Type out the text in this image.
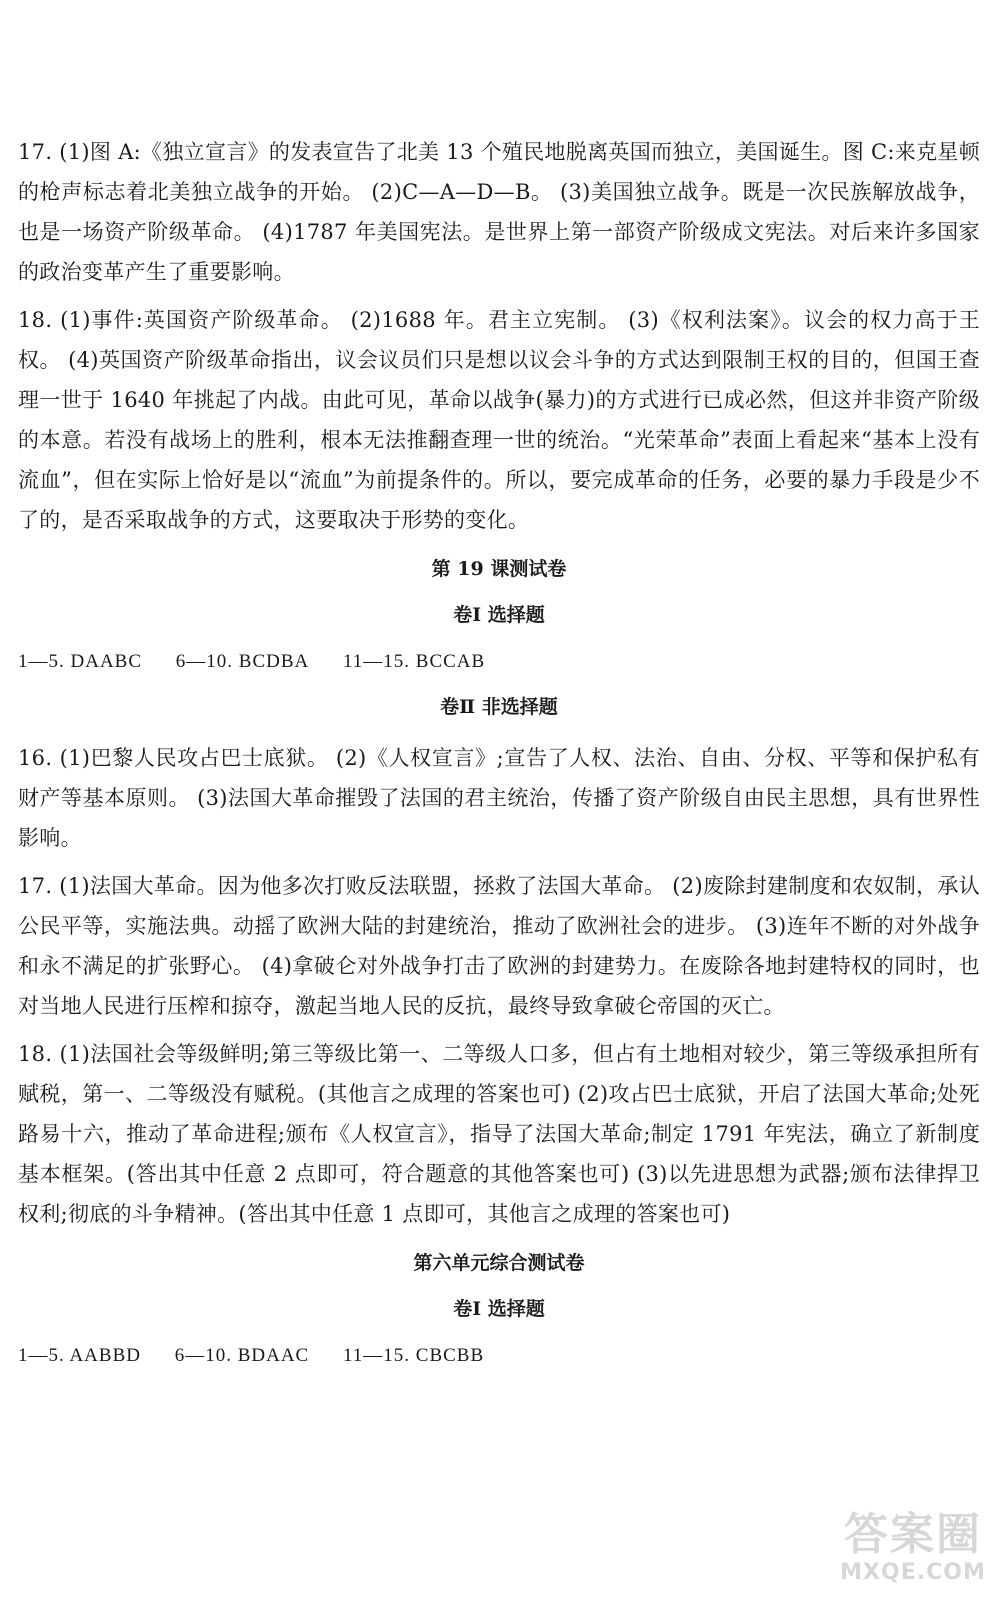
17. (1)图 A:《独立宣言》的发表宣告了北美 13 个殖民地脱离英国而独立，美国诞生。图 C:来克星顿的枪声标志着北美独立战争的开始。 (2)C—A—D—B。 (3)美国独立战争。既是一次民族解放战争，也是一场资产阶级革命。 (4)1787 年美国宪法。是世界上第一部资产阶级成文宪法。对后来许多国家的政治变革产生了重要影响。

18. (1)事件:英国资产阶级革命。 (2)1688 年。君主立宪制。 (3)《权利法案》。议会的权力高于王权。 (4)英国资产阶级革命指出，议会议员们只是想以议会斗争的方式达到限制王权的目的，但国王查理一世于 1640 年挑起了内战。由此可见，革命以战争(暴力)的方式进行已成必然，但这并非资产阶级的本意。若没有战场上的胜利，根本无法推翻查理一世的统治。“光荣革命”表面上看起来“基本上没有流血”，但在实际上恰好是以“流血”为前提条件的。所以，要完成革命的任务，必要的暴力手段是少不了的，是否采取战争的方式，这要取决于形势的变化。

第 19 课测试卷
卷Ⅰ 选择题
1—5. DAABC 6—10. BCDBA 11—15. BCCAB
卷Ⅱ 非选择题

16. (1)巴黎人民攻占巴士底狱。 (2)《人权宣言》;宣告了人权、法治、自由、分权、平等和保护私有财产等基本原则。 (3)法国大革命摧毁了法国的君主统治，传播了资产阶级自由民主思想，具有世界性影响。

17. (1)法国大革命。因为他多次打败反法联盟，拯救了法国大革命。 (2)废除封建制度和农奴制，承认公民平等，实施法典。动摇了欧洲大陆的封建统治，推动了欧洲社会的进步。 (3)连年不断的对外战争和永不满足的扩张野心。 (4)拿破仑对外战争打击了欧洲的封建势力。在废除各地封建特权的同时，也对当地人民进行压榨和掠夺，激起当地人民的反抗，最终导致拿破仑帝国的灭亡。

18. (1)法国社会等级鲜明;第三等级比第一、二等级人口多，但占有土地相对较少，第三等级承担所有赋税，第一、二等级没有赋税。(其他言之成理的答案也可) (2)攻占巴士底狱，开启了法国大革命;处死路易十六，推动了革命进程;颁布《人权宣言》，指导了法国大革命;制定 1791 年宪法，确立了新制度基本框架。(答出其中任意 2 点即可，符合题意的其他答案也可) (3)以先进思想为武器;颁布法律捍卫权利;彻底的斗争精神。(答出其中任意 1 点即可，其他言之成理的答案也可)

第六单元综合测试卷
卷Ⅰ 选择题
1—5. AABBD 6—10. BDAAC 11—15. CBCBB
答案圈
MXQE.COM
